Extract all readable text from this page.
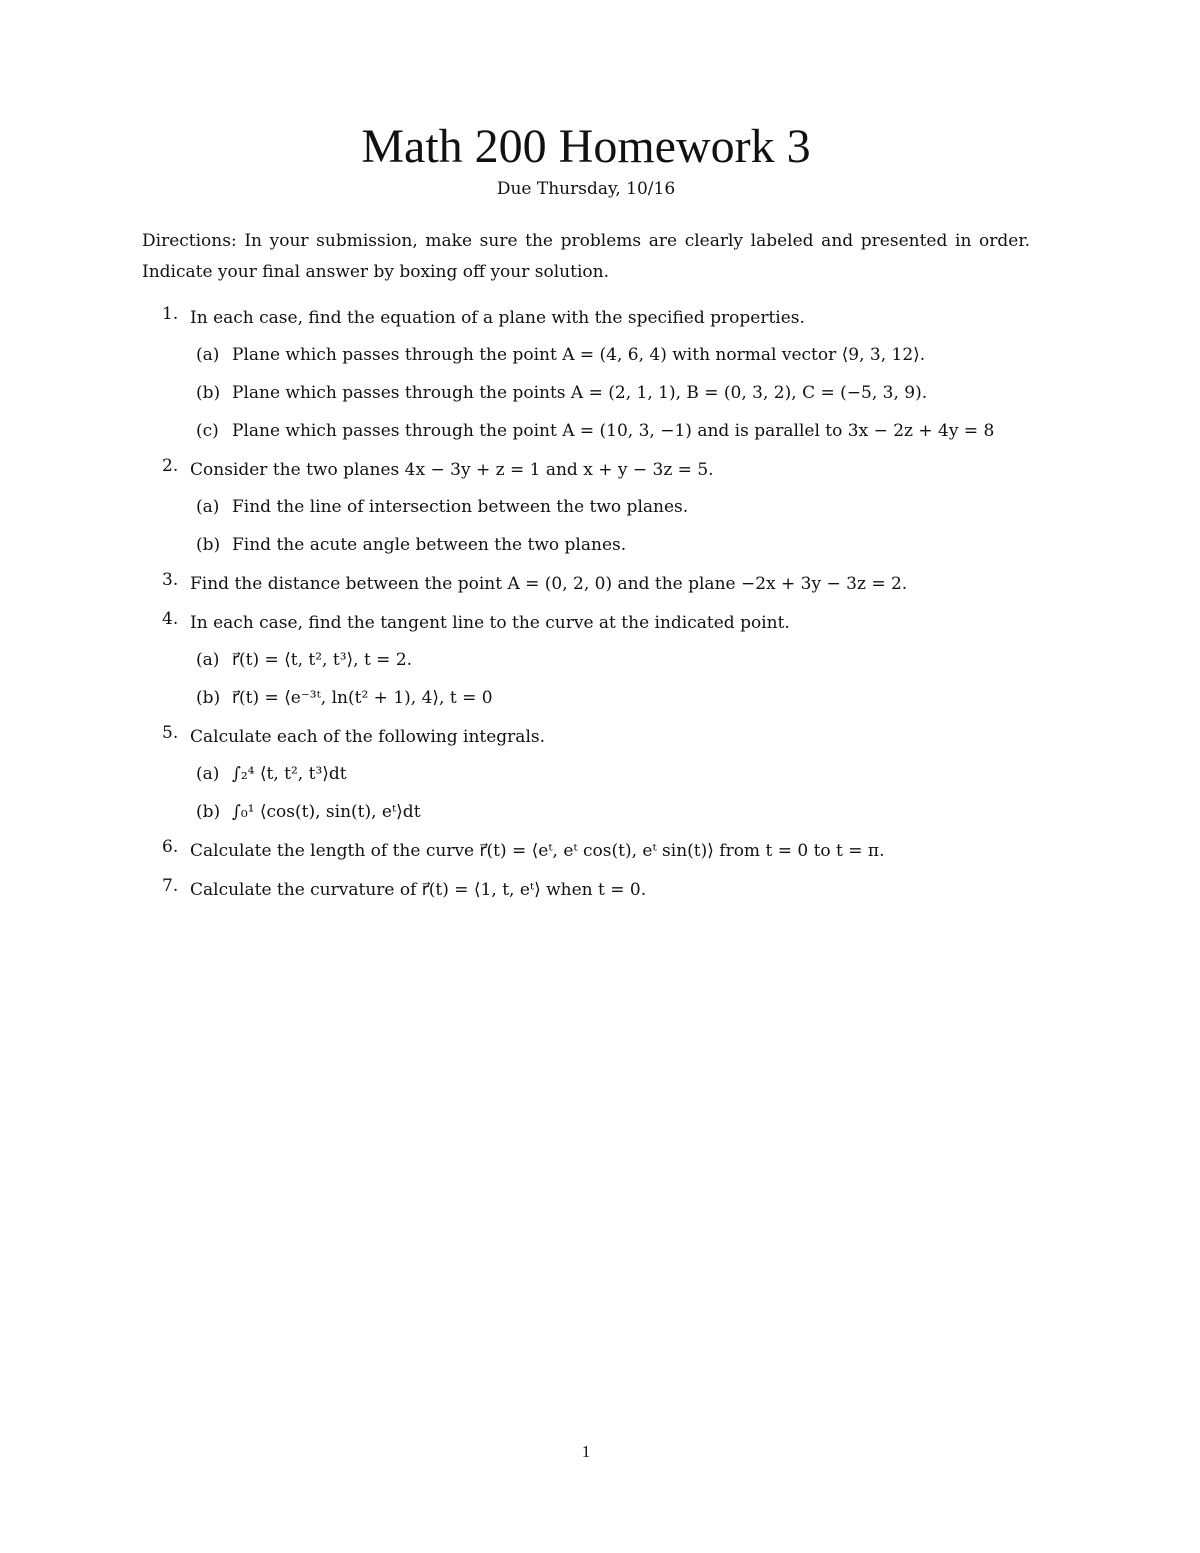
Math 200 Homework 3
Due Thursday, 10/16

Directions: In your submission, make sure the problems are clearly labeled and presented in order. Indicate your final answer by boxing off your solution.

1. In each case, find the equation of a plane with the specified properties.
(a) Plane which passes through the point A = (4, 6, 4) with normal vector ⟨9, 3, 12⟩.
(b) Plane which passes through the points A = (2, 1, 1), B = (0, 3, 2), C = (−5, 3, 9).
(c) Plane which passes through the point A = (10, 3, −1) and is parallel to 3x − 2z + 4y = 8
2. Consider the two planes 4x − 3y + z = 1 and x + y − 3z = 5.
(a) Find the line of intersection between the two planes.
(b) Find the acute angle between the two planes.
3. Find the distance between the point A = (0, 2, 0) and the plane −2x + 3y − 3z = 2.
4. In each case, find the tangent line to the curve at the indicated point.
(a) r⃗(t) = ⟨t, t², t³⟩, t = 2.
(b) r⃗(t) = ⟨e⁻³ᵗ, ln(t² + 1), 4⟩, t = 0
5. Calculate each of the following integrals.
(a) ∫₂⁴ ⟨t, t², t³⟩dt
(b) ∫₀¹ ⟨cos(t), sin(t), eᵗ⟩dt
6. Calculate the length of the curve r⃗(t) = ⟨eᵗ, eᵗ cos(t), eᵗ sin(t)⟩ from t = 0 to t = π.
7. Calculate the curvature of r⃗(t) = ⟨1, t, eᵗ⟩ when t = 0.
1
